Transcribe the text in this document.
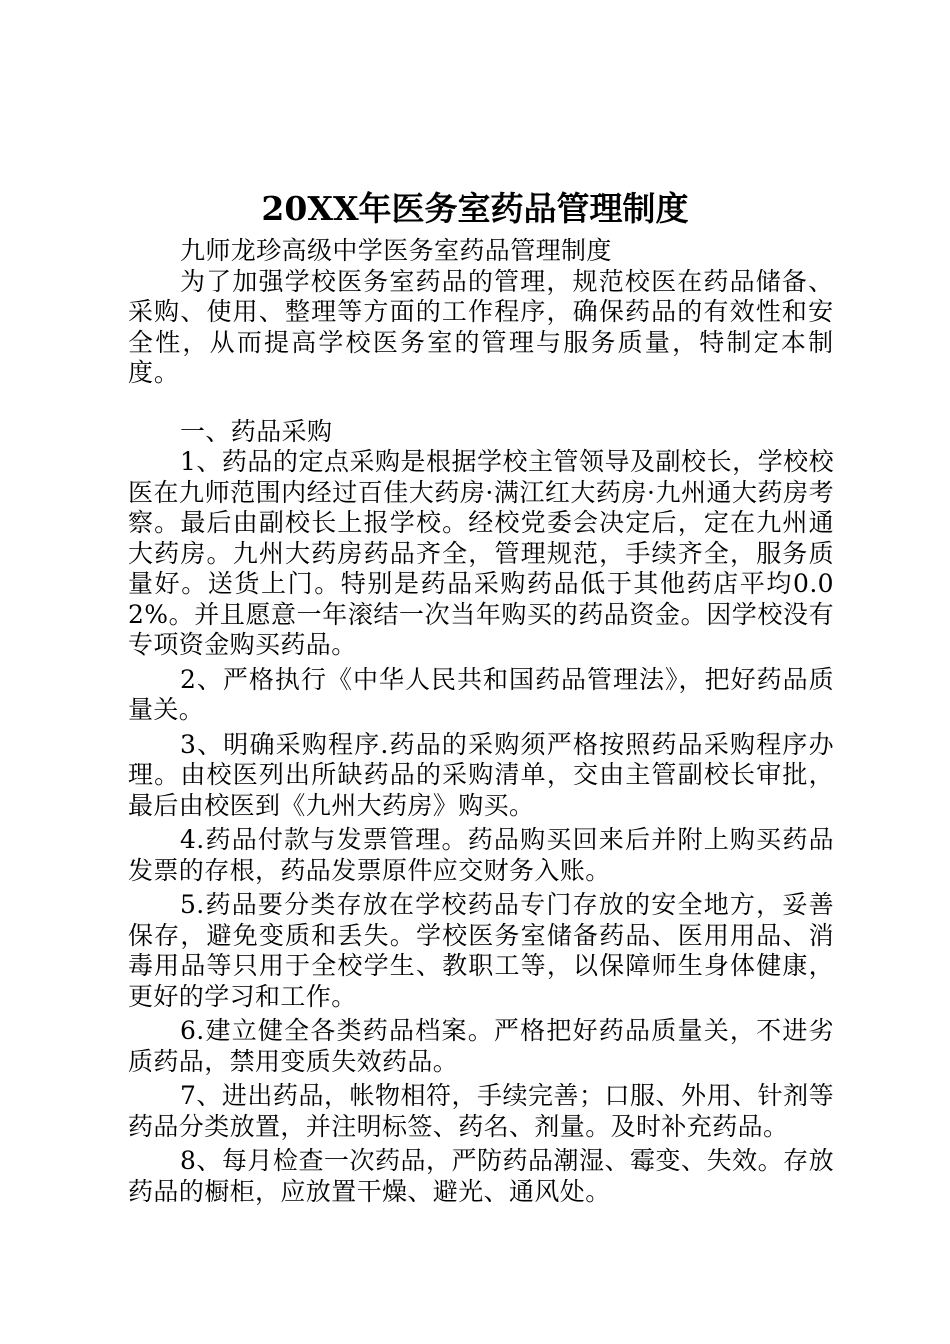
20XX年医务室药品管理制度

九师龙珍高级中学医务室药品管理制度

为了加强学校医务室药品的管理，规范校医在药品储备、采购、使用、整理等方面的工作程序，确保药品的有效性和安全性，从而提高学校医务室的管理与服务质量，特制定本制度。

一、药品采购

1、药品的定点采购是根据学校主管领导及副校长，学校校医在九师范围内经过百佳大药房·满江红大药房·九州通大药房考察。最后由副校长上报学校。经校党委会决定后，定在九州通大药房。九州大药房药品齐全，管理规范，手续齐全，服务质量好。送货上门。特别是药品采购药品低于其他药店平均0.02%。并且愿意一年滚结一次当年购买的药品资金。因学校没有专项资金购买药品。

2、严格执行《中华人民共和国药品管理法》，把好药品质量关。

3、明确采购程序.药品的采购须严格按照药品采购程序办理。由校医列出所缺药品的采购清单，交由主管副校长审批，最后由校医到《九州大药房》购买。

4.药品付款与发票管理。药品购买回来后并附上购买药品发票的存根，药品发票原件应交财务入账。

5.药品要分类存放在学校药品专门存放的安全地方，妥善保存，避免变质和丢失。学校医务室储备药品、医用用品、消毒用品等只用于全校学生、教职工等，以保障师生身体健康，更好的学习和工作。

6.建立健全各类药品档案。严格把好药品质量关，不进劣质药品，禁用变质失效药品。

7、进出药品，帐物相符，手续完善；口服、外用、针剂等药品分类放置，并注明标签、药名、剂量。及时补充药品。

8、每月检查一次药品，严防药品潮湿、霉变、失效。存放药品的橱柜，应放置干燥、避光、通风处。
